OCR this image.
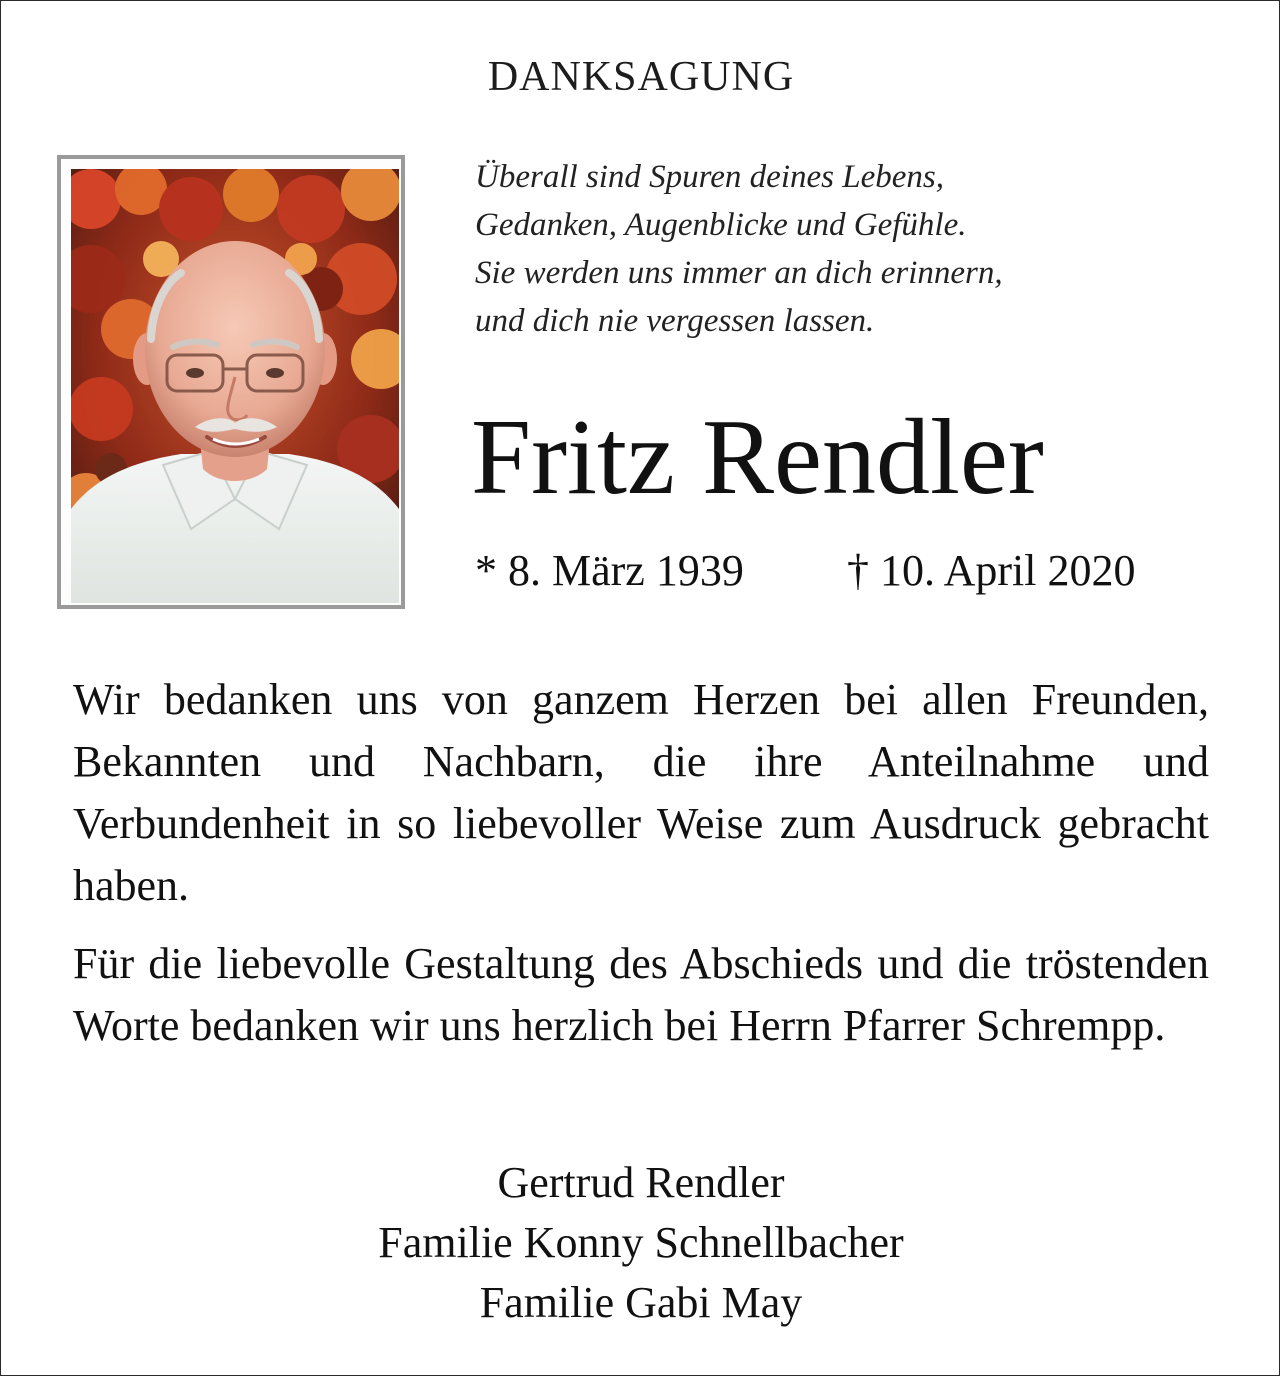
DANKSAGUNG
Überall sind Spuren deines Lebens,
Gedanken, Augenblicke und Gefühle.
Sie werden uns immer an dich erinnern,
und dich nie vergessen lassen.
Fritz Rendler
* 8. März 1939 † 10. April 2020
Wir bedanken uns von ganzem Herzen bei allen Freunden, Bekannten und Nachbarn, die ihre Anteilnahme und Verbundenheit in so liebevoller Weise zum Ausdruck gebracht haben.
Für die liebevolle Gestaltung des Abschieds und die tröstenden Worte bedanken wir uns herzlich bei Herrn Pfarrer Schrempp.
Gertrud Rendler
Familie Konny Schnellbacher
Familie Gabi May
